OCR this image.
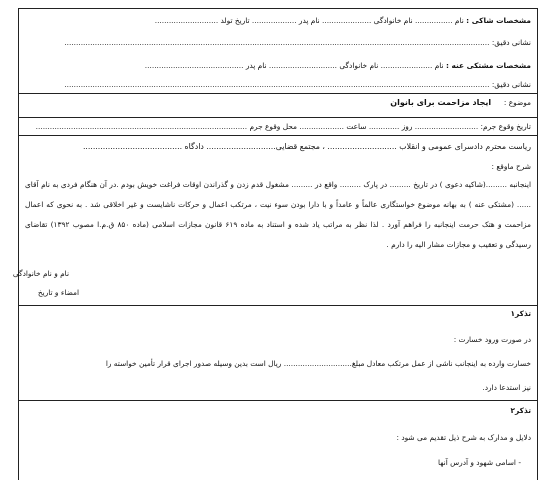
مشخصات شاکی : نام ................ نام خانوادگی ..................... نام پدر ................... تاریخ تولد ...........................
نشانی دقیق: .....................................................................................................................................................................................
مشخصات مشتکی عنه : نام ...................... نام خانوادگی ............................. نام پدر ..........................................
نشانی دقیق: .....................................................................................................................................................................................
موضوع :  ایجاد مزاحمت برای بانوان
تاریخ وقوع جرم: ........................... روز ............. ساعت ................... محل وقوع جرم ..........................................................................................
ریاست محترم دادسرای عمومی و انقلاب ............................ ، مجتمع قضایی............................ دادگاه ........................................
شرح ماوقع :
اینجانبه .........(شاکیه دعوی ) در تاریخ ......... در پارک ......... واقع در ......... مشغول قدم زدن و گذراندن اوقات فراغت خویش بودم .در آن هنگام فردی به نام آقای ...... (مشتکی عنه ) به بهانه موضوع خواستگاری عالماً و عامداً و با دارا بودن سوء نیت ، مرتکب اعمال و حرکات ناشایست و غیر اخلاقی شد . به نحوی که اعمال مزاحمت و هتک حرمت اینجانبه را فراهم آورد . لذا نظر به مراتب یاد شده و استناد به ماده ۶۱۹ قانون مجازات اسلامی (ماده ۸۵۰ ق.م.ا مصوب ۱۳۹۲) تقاضای رسیدگی و تعقیب و مجازات مشار الیه را دارم .
نام و نام خانوادگی
امضاء و تاریخ
تذکر۱
در صورت ورود خسارت :
خسارت وارده به اینجانب ناشی از عمل مرتکب معادل مبلغ............................. ریال است بدین وسیله صدور اجرای قرار تأمین خواسته را
نیز استدعا دارد.
تذکر۲
دلایل و مدارک به شرح ذیل تقدیم می شود :
- اسامی شهود و آدرس آنها
